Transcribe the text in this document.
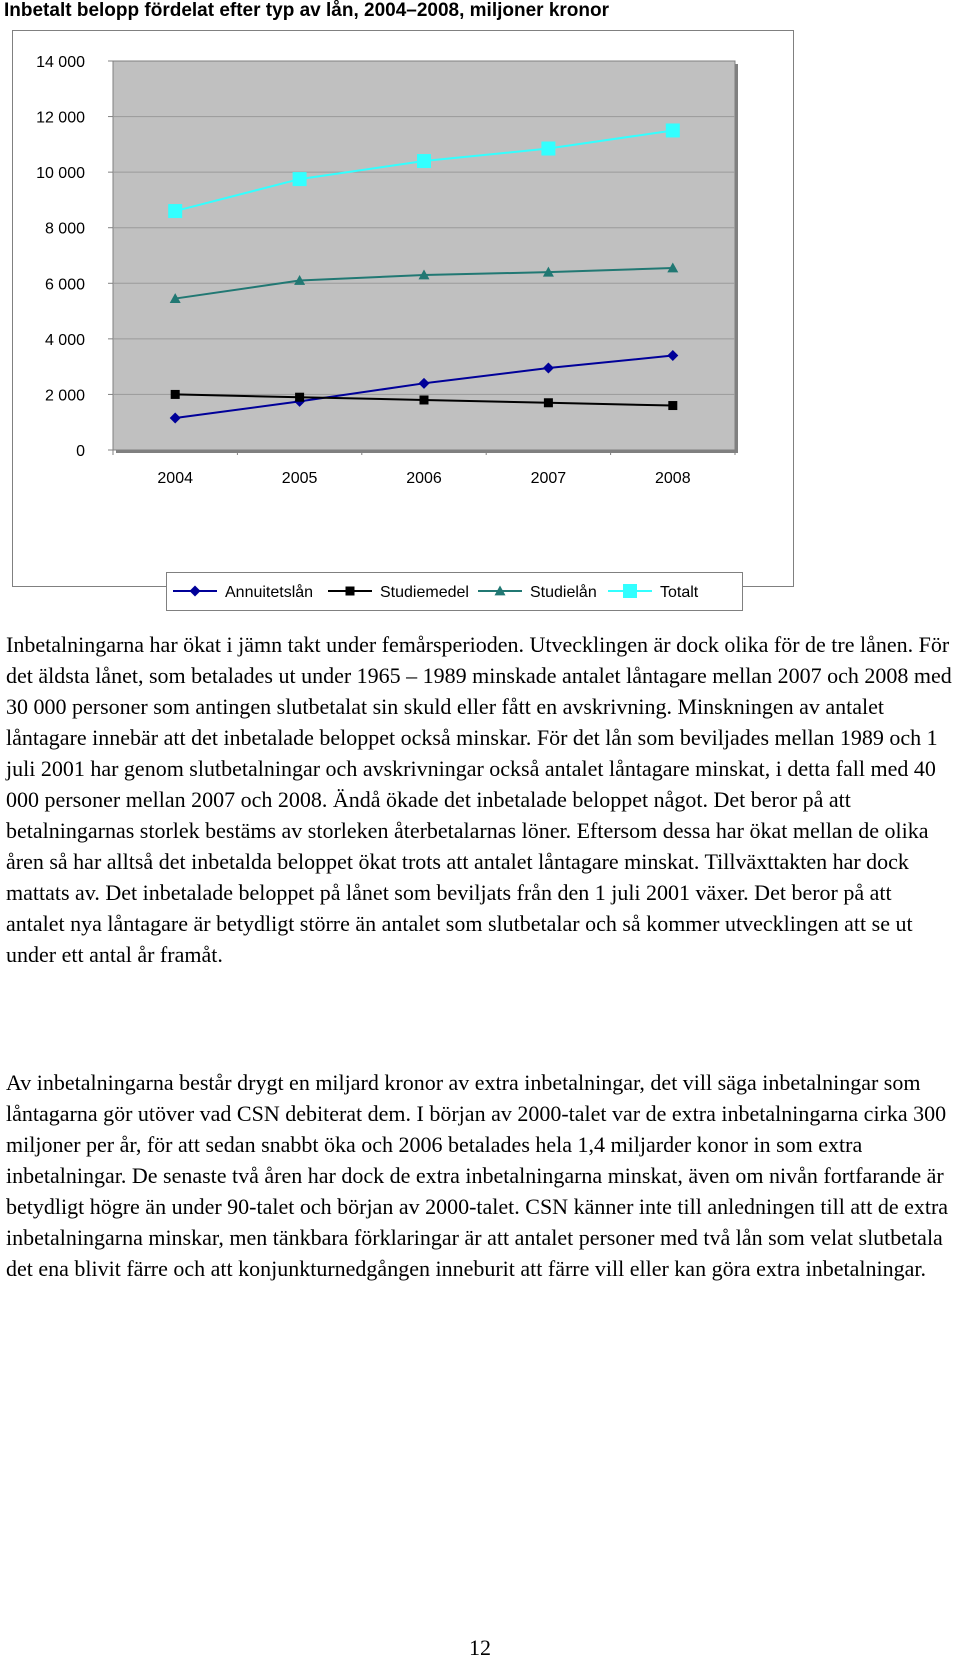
Inbetalt belopp fördelat efter typ av lån, 2004–2008, miljoner kronor
0
2 000
4 000
6 000
8 000
10 000
12 000
14 000
2004	2005	2006	2007	2008
Annuitetslån	Studiemedel	Studielån	Totalt

Inbetalningarna har ökat i jämn takt under femårsperioden. Utvecklingen är dock olika för de tre lånen. För det äldsta lånet, som betalades ut under 1965 – 1989 minskade antalet låntagare mellan 2007 och 2008 med 30 000 personer som antingen slutbetalat sin skuld eller fått en avskrivning. Minskningen av antalet låntagare innebär att det inbetalade beloppet också minskar. För det lån som beviljades mellan 1989 och 1 juli 2001 har genom slutbetalningar och avskrivningar också antalet låntagare minskat, i detta fall med 40 000 personer mellan 2007 och 2008. Ändå ökade det inbetalade beloppet något. Det beror på att betalningarnas storlek bestäms av storleken återbetalarnas löner. Eftersom dessa har ökat mellan de olika åren så har alltså det inbetalda beloppet ökat trots att antalet låntagare minskat. Tillväxttakten har dock mattats av. Det inbetalade beloppet på lånet som beviljats från den 1 juli 2001 växer. Det beror på att antalet nya låntagare är betydligt större än antalet som slutbetalar och så kommer utvecklingen att se ut under ett antal år framåt.

Av inbetalningarna består drygt en miljard kronor av extra inbetalningar, det vill säga inbetalningar som låntagarna gör utöver vad CSN debiterat dem. I början av 2000-talet var de extra inbetalningarna cirka 300 miljoner per år, för att sedan snabbt öka och 2006 betalades hela 1,4 miljarder konor in som extra inbetalningar. De senaste två åren har dock de extra inbetalningarna minskat, även om nivån fortfarande är betydligt högre än under 90-talet och början av 2000-talet. CSN känner inte till anledningen till att de extra inbetalningarna minskar, men tänkbara förklaringar är att antalet personer med två lån som velat slutbetala det ena blivit färre och att konjunkturnedgången inneburit att färre vill eller kan göra extra inbetalningar.

12
